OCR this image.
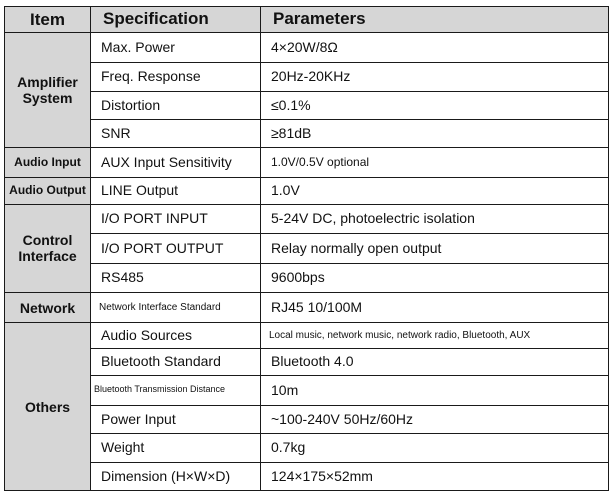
Item	Specification	Parameters
Amplifier System	Max. Power	4×20W/8Ω
	Freq. Response	20Hz-20KHz
	Distortion	≤0.1%
	SNR	≥81dB
Audio Input	AUX Input Sensitivity	1.0V/0.5V optional
Audio Output	LINE Output	1.0V
Control Interface	I/O PORT INPUT	5-24V DC, photoelectric isolation
	I/O PORT OUTPUT	Relay normally open output
	RS485	9600bps
Network	Network Interface Standard	RJ45 10/100M
Others	Audio Sources	Local music, network music, network radio, Bluetooth, AUX
	Bluetooth Standard	Bluetooth 4.0
	Bluetooth Transmission Distance	10m
	Power Input	~100-240V 50Hz/60Hz
	Weight	0.7kg
	Dimension (H×W×D)	124×175×52mm
